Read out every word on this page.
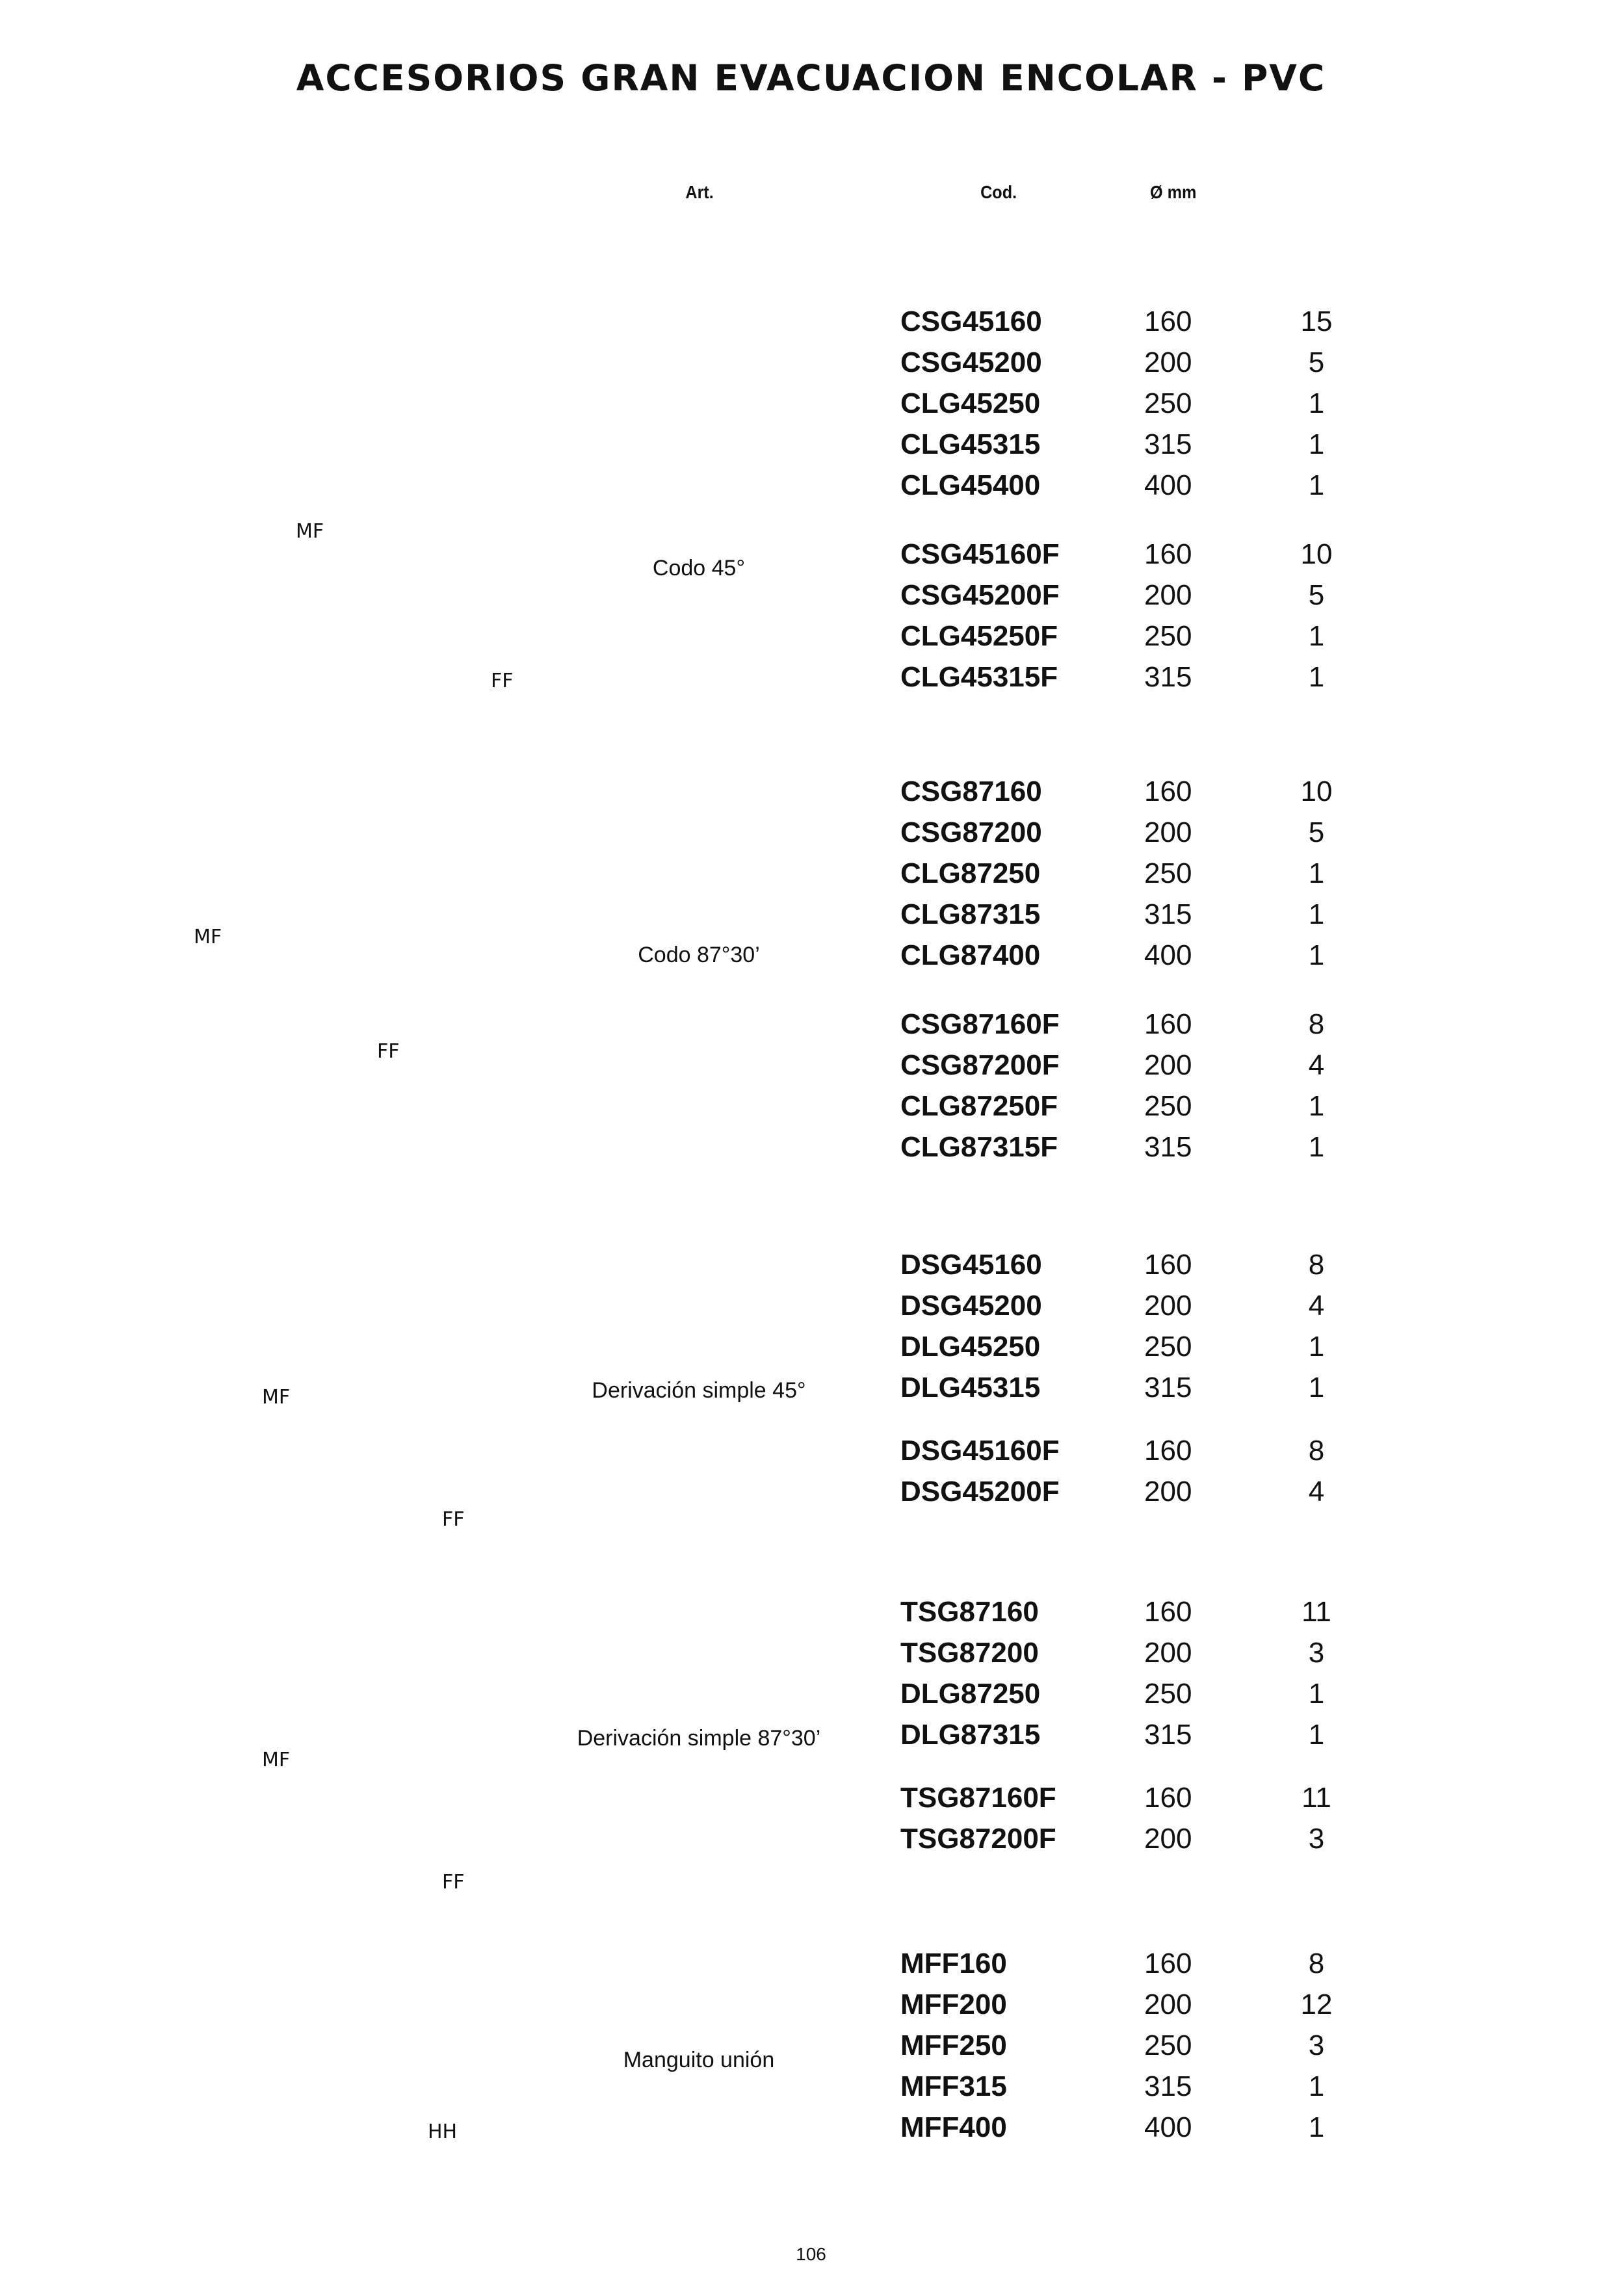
ACCESORIOS GRAN EVACUACION ENCOLAR - PVC
Art.	Cod.	Ø mm
Codo 45°
MF
FF
CSG45160	160	15
CSG45200	200	5
CLG45250	250	1
CLG45315	315	1
CLG45400	400	1
CSG45160F	160	10
CSG45200F	200	5
CLG45250F	250	1
CLG45315F	315	1
Codo 87°30’
MF
FF
CSG87160	160	10
CSG87200	200	5
CLG87250	250	1
CLG87315	315	1
CLG87400	400	1
CSG87160F	160	8
CSG87200F	200	4
CLG87250F	250	1
CLG87315F	315	1
Derivación simple 45°
MF
FF
DSG45160	160	8
DSG45200	200	4
DLG45250	250	1
DLG45315	315	1
DSG45160F	160	8
DSG45200F	200	4
Derivación simple 87°30’
MF
FF
TSG87160	160	11
TSG87200	200	3
DLG87250	250	1
DLG87315	315	1
TSG87160F	160	11
TSG87200F	200	3
Manguito unión
HH
MFF160	160	8
MFF200	200	12
MFF250	250	3
MFF315	315	1
MFF400	400	1
106
